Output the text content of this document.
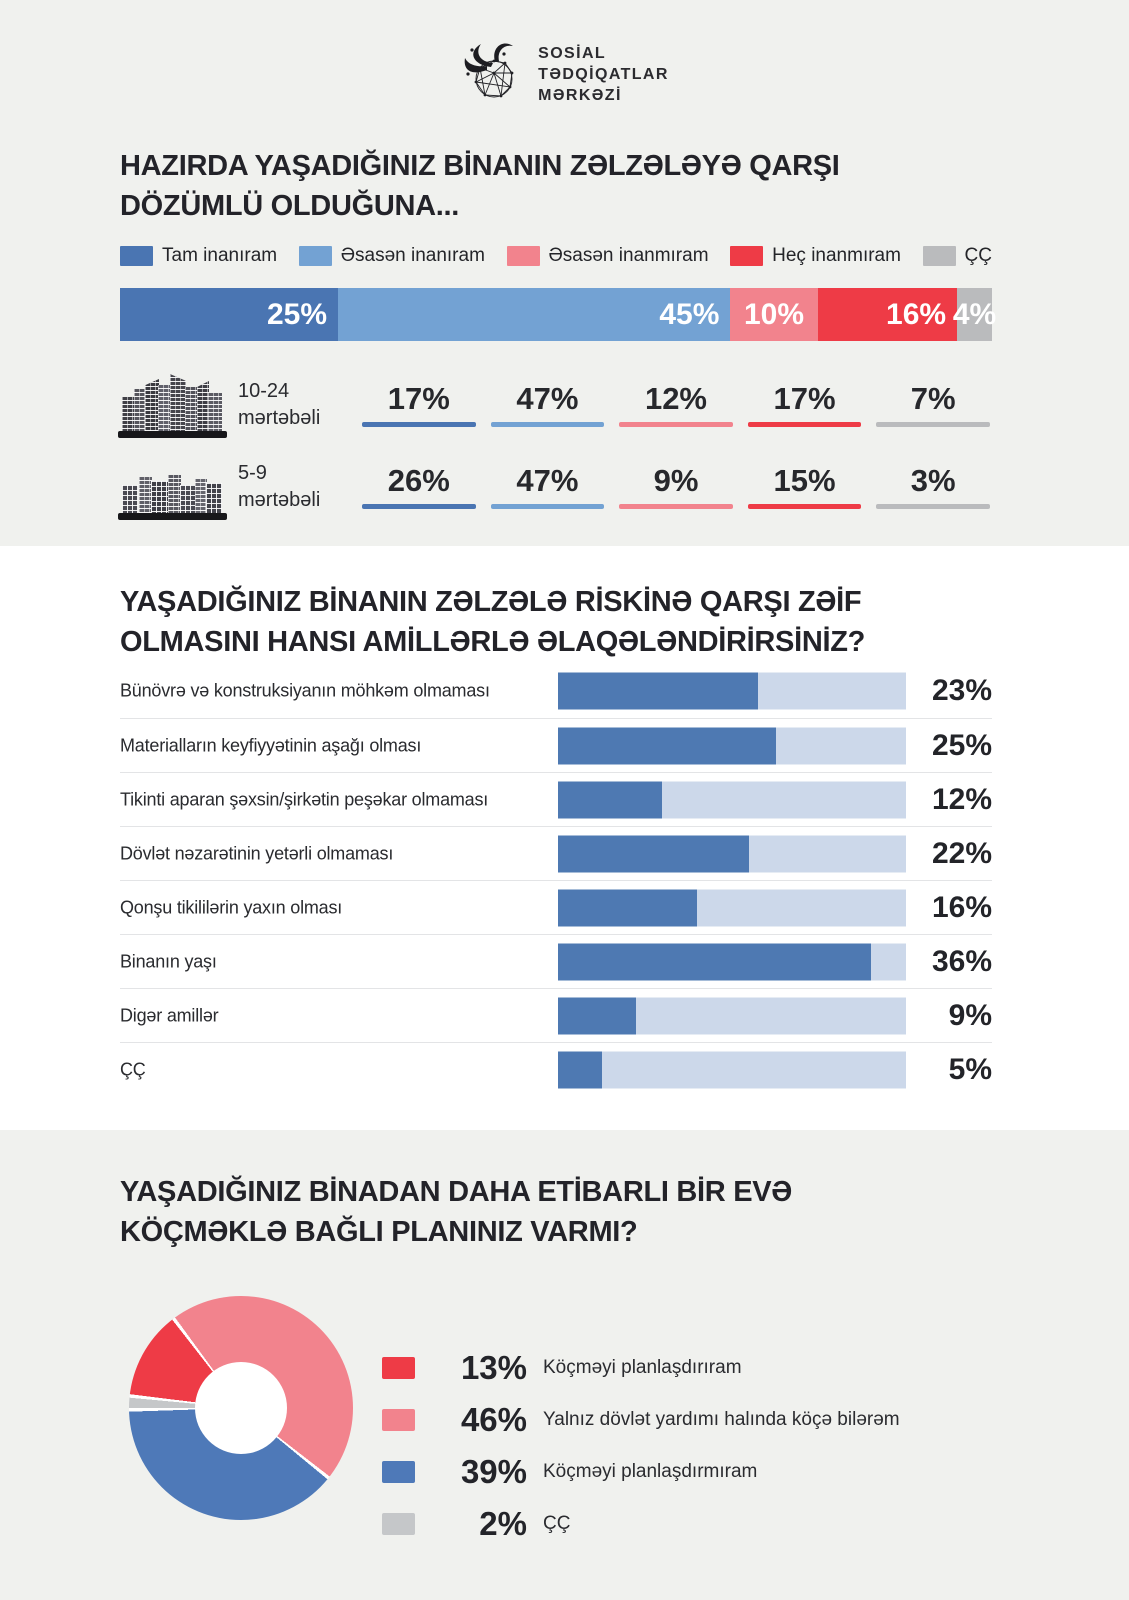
SOSİAL
TƏDQİQATLAR
MƏRKƏZİ
HAZIRDA YAŞADIĞINIZ BİNANIN ZƏLZƏLƏYƏ QARŞI
DÖZÜMLÜ OLDUĞUNA...
Tam inanıram	Əsasən inanıram	Əsasən inanmıram	Heç inanmıram	ÇÇ
25%	45% 10%	16% 4%
10-24
mərtəbəli
17%	47%	12%	17%	7%
5-9
mərtəbəli
26%	47%	9%	15%	3%
YAŞADIĞINIZ BİNANIN ZƏLZƏLƏ RİSKİNƏ QARŞI ZƏİF
OLMASINI HANSI AMİLLƏRLƏ ƏLAQƏLƏNDİRİRSİNİZ?
Bünövrə və konstruksiyanın möhkəm olmaması	23%
Materialların keyfiyyətinin aşağı olması	25%
Tikinti aparan şəxsin/şirkətin peşəkar olmaması	12%
Dövlət nəzarətinin yetərli olmaması	22%
Qonşu tikililərin yaxın olması	16%
Binanın yaşı	36%
Digər amillər	9%
ÇÇ	5%
YAŞADIĞINIZ BİNADAN DAHA ETİBARLI BİR EVƏ
KÖÇMƏKLƏ BAĞLI PLANINIZ VARMI?
13% Köçməyi planlaşdırıram
46% Yalnız dövlət yardımı halında köçə bilərəm
39% Köçməyi planlaşdırmıram
2% ÇÇ
